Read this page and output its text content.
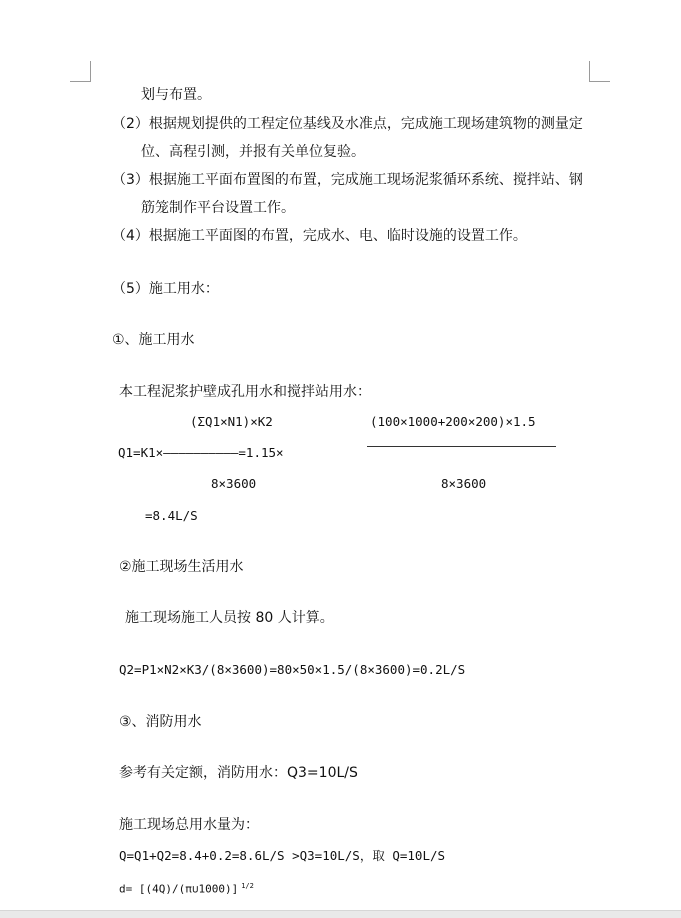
划与布置。
（2）根据规划提供的工程定位基线及水准点，完成施工现场建筑物的测量定
位、高程引测，并报有关单位复验。
（3）根据施工平面布置图的布置，完成施工现场泥浆循环系统、搅拌站、钢
筋笼制作平台设置工作。
（4）根据施工平面图的布置，完成水、电、临时设施的设置工作。
（5）施工用水：
①、施工用水
本工程泥浆护壁成孔用水和搅拌站用水：
(ΣQ1×N1)×K2	(100×1000+200×200)×1.5
Q1=K1×——————————=1.15×
8×3600	8×3600
=8.4L/S
②施工现场生活用水
施工现场施工人员按 80 人计算。
Q2=P1×N2×K3/(8×3600)=80×50×1.5/(8×3600)=0.2L/S
③、消防用水
参考有关定额，消防用水：Q3=10L/S
施工现场总用水量为：
Q=Q1+Q2=8.4+0.2=8.6L/S >Q3=10L/S，取 Q=10L/S
d= [(4Q)/(π∪1000)] $^{1/2}$
